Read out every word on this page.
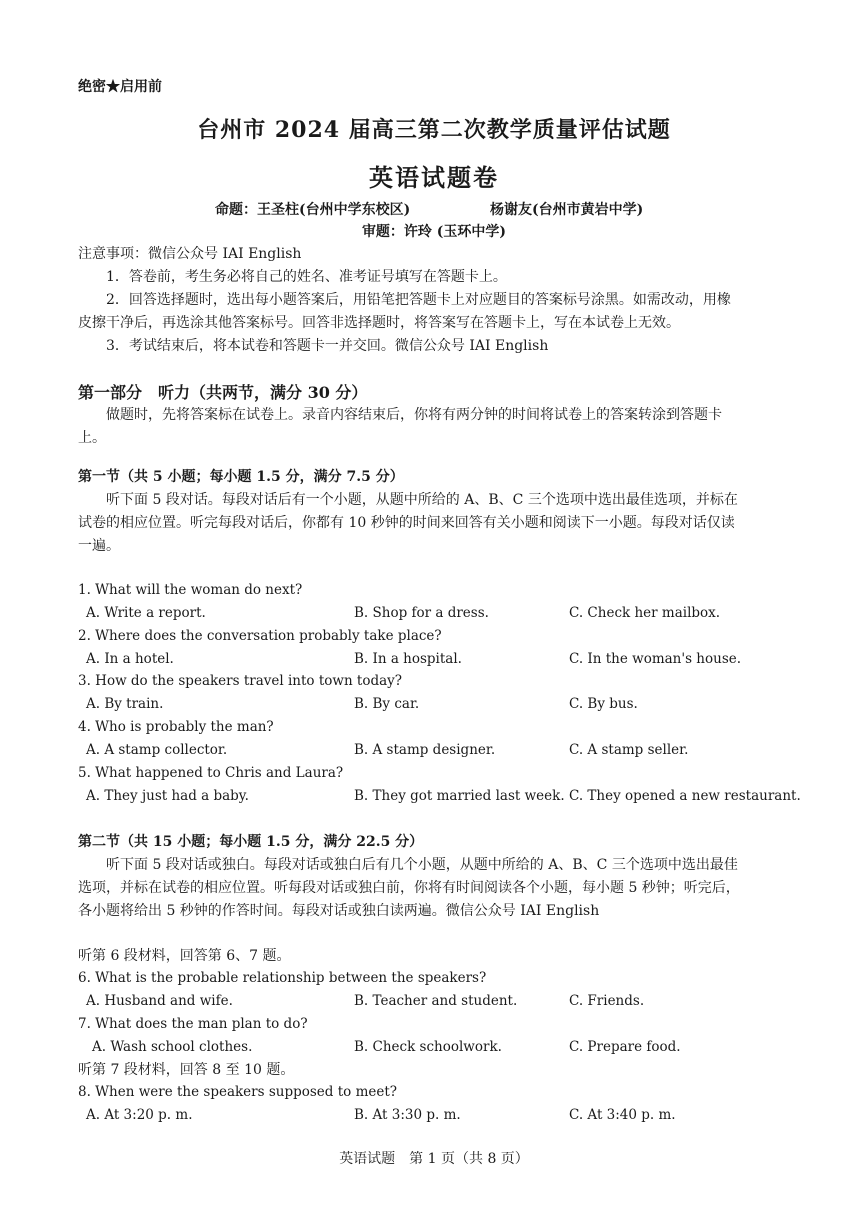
绝密★启用前
台州市 2024 届高三第二次教学质量评估试题
英语试题卷
命题：王圣柱(台州中学东校区)	杨谢友(台州市黄岩中学)
审题：许玲 (玉环中学)
注意事项：微信公众号 IAI English
1．答卷前，考生务必将自己的姓名、准考证号填写在答题卡上。
2．回答选择题时，选出每小题答案后，用铅笔把答题卡上对应题目的答案标号涂黑。如需改动，用橡
皮擦干净后，再选涂其他答案标号。回答非选择题时，将答案写在答题卡上，写在本试卷上无效。
3．考试结束后，将本试卷和答题卡一并交回。微信公众号 IAI English
第一部分　听力（共两节，满分 30 分）
做题时，先将答案标在试卷上。录音内容结束后，你将有两分钟的时间将试卷上的答案转涂到答题卡
上。
第一节（共 5 小题；每小题 1.5 分，满分 7.5 分）
听下面 5 段对话。每段对话后有一个小题，从题中所给的 A、B、C 三个选项中选出最佳选项，并标在
试卷的相应位置。听完每段对话后，你都有 10 秒钟的时间来回答有关小题和阅读下一小题。每段对话仅读
一遍。
1. What will the woman do next?
A. Write a report.	B. Shop for a dress.	C. Check her mailbox.
2. Where does the conversation probably take place?
A. In a hotel.	B. In a hospital.	C. In the woman's house.
3. How do the speakers travel into town today?
A. By train.	B. By car.	C. By bus.
4. Who is probably the man?
A. A stamp collector.	B. A stamp designer.	C. A stamp seller.
5. What happened to Chris and Laura?
A. They just had a baby.	B. They got married last week. C. They opened a new restaurant.
第二节（共 15 小题；每小题 1.5 分，满分 22.5 分）
听下面 5 段对话或独白。每段对话或独白后有几个小题，从题中所给的 A、B、C 三个选项中选出最佳
选项，并标在试卷的相应位置。听每段对话或独白前，你将有时间阅读各个小题，每小题 5 秒钟；听完后，
各小题将给出 5 秒钟的作答时间。每段对话或独白读两遍。微信公众号 IAI English
听第 6 段材料，回答第 6、7 题。
6. What is the probable relationship between the speakers?
A. Husband and wife.	B. Teacher and student.	C. Friends.
7. What does the man plan to do?
A. Wash school clothes.	B. Check schoolwork.	C. Prepare food.
听第 7 段材料，回答 8 至 10 题。
8. When were the speakers supposed to meet?
A. At 3:20 p. m.	B. At 3:30 p. m.	C. At 3:40 p. m.
英语试题　第 1 页（共 8 页）
